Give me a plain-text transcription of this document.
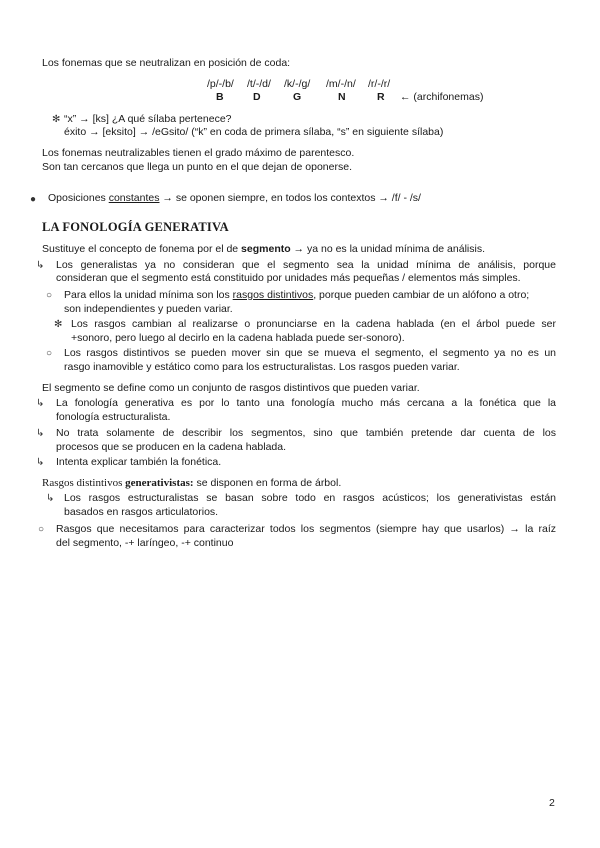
Los fonemas que se neutralizan en posición de coda:
/p/-/b/ /t/-/d/ /k/-/g/ /m/-/n/ /r/-/r/
B	D	G	N	R ← (archifonemas)
✻ “x” → [ks] ¿A qué sílaba pertenece?
éxito → [eksito] → /eGsito/ (“k” en coda de primera sílaba, “s” en siguiente sílaba)
Los fonemas neutralizables tienen el grado máximo de parentesco.
Son tan cercanos que llega un punto en el que dejan de oponerse.
● Oposiciones constantes → se oponen siempre, en todos los contextos → /f/ - /s/
LA FONOLOGÍA GENERATIVA
Sustituye el concepto de fonema por el de segmento → ya no es la unidad mínima de análisis.
↳ Los generalistas ya no consideran que el segmento sea la unidad mínima de análisis, porque
consideran que el segmento está constituido por unidades más pequeñas / elementos más simples.
○ Para ellos la unidad mínima son los rasgos distintivos, porque pueden cambiar de un alófono a otro;
son independientes y pueden variar.
✻ Los rasgos cambian al realizarse o pronunciarse en la cadena hablada (en el árbol puede ser
+sonoro, pero luego al decirlo en la cadena hablada puede ser-sonoro).
○ Los rasgos distintivos se pueden mover sin que se mueva el segmento, el segmento ya no es un
rasgo inamovible y estático como para los estructuralistas. Los rasgos pueden variar.
El segmento se define como un conjunto de rasgos distintivos que pueden variar.
↳ La fonología generativa es por lo tanto una fonología mucho más cercana a la fonética que la
fonología estructuralista.
↳ No trata solamente de describir los segmentos, sino que también pretende dar cuenta de los
procesos que se producen en la cadena hablada.
↳ Intenta explicar también la fonética.
Rasgos distintivos generativistas: se disponen en forma de árbol.
↳ Los rasgos estructuralistas se basan sobre todo en rasgos acústicos; los generativistas están
basados en rasgos articulatorios.
○ Rasgos que necesitamos para caracterizar todos los segmentos (siempre hay que usarlos) → la raíz
del segmento, -+ laríngeo, -+ continuo
2
